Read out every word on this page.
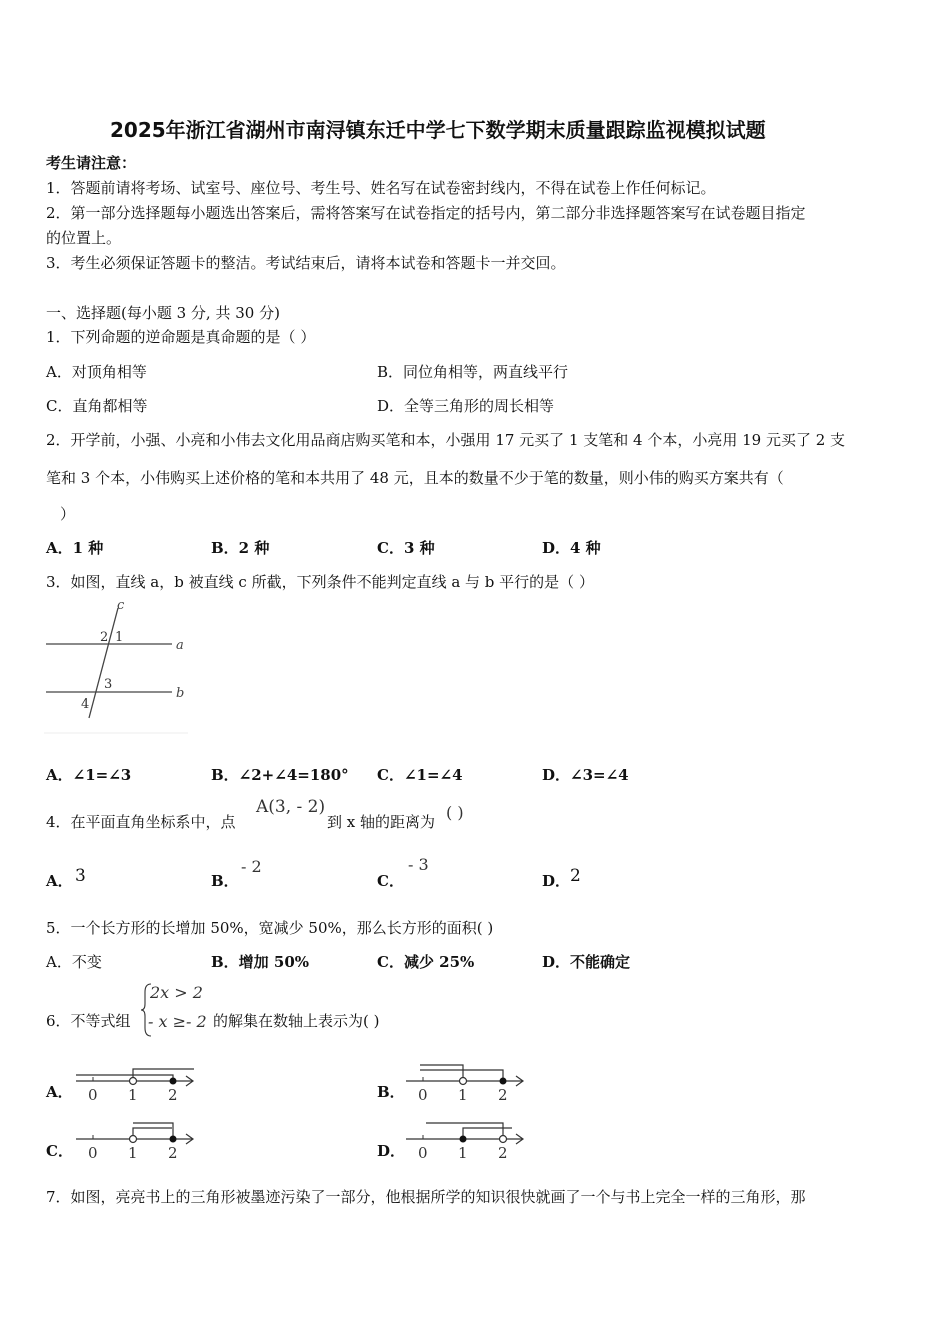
2025年浙江省湖州市南浔镇东迁中学七下数学期末质量跟踪监视模拟试题
考生请注意：
1．答题前请将考场、试室号、座位号、考生号、姓名写在试卷密封线内，不得在试卷上作任何标记。
2．第一部分选择题每小题选出答案后，需将答案写在试卷指定的括号内，第二部分非选择题答案写在试卷题目指定
的位置上。
3．考生必须保证答题卡的整洁。考试结束后，请将本试卷和答题卡一并交回。
一、选择题(每小题 3 分, 共 30 分)
1．下列命题的逆命题是真命题的是（ ）
A．对顶角相等	B．同位角相等，两直线平行
C．直角都相等	D．全等三角形的周长相等
2．开学前，小强、小亮和小伟去文化用品商店购买笔和本，小强用 17 元买了 1 支笔和 4 个本，小亮用 19 元买了 2 支
笔和 3 个本，小伟购买上述价格的笔和本共用了 48 元，且本的数量不少于笔的数量，则小伟的购买方案共有（
）
A．1 种	B．2 种	C．3 种	D．4 种
3．如图，直线 a，b 被直线 c 所截，下列条件不能判定直线 a 与 b 平行的是（ ）
c
a
b
2 1
3
4
A．∠1=∠3	B．∠2+∠4=180° C．∠1=∠4	D．∠3=∠4
4．在平面直角坐标系中，点
A(3, - 2)
到 x 轴的距离为 ( )
A． 3	B．
- 2
C．
- 3
D． 2
5．一个长方形的长增加 50%，宽减少 50%，那么长方形的面积( )
A．不变	B．增加 50%	C．减少 25%	D．不能确定
6．不等式组
2x > 2
- x ≥- 2 的解集在数轴上表示为( )
A． 0 1 2	B． 0 1 2
C． 0 1 2	D． 0 1 2
7．如图，亮亮书上的三角形被墨迹污染了一部分，他根据所学的知识很快就画了一个与书上完全一样的三角形，那
